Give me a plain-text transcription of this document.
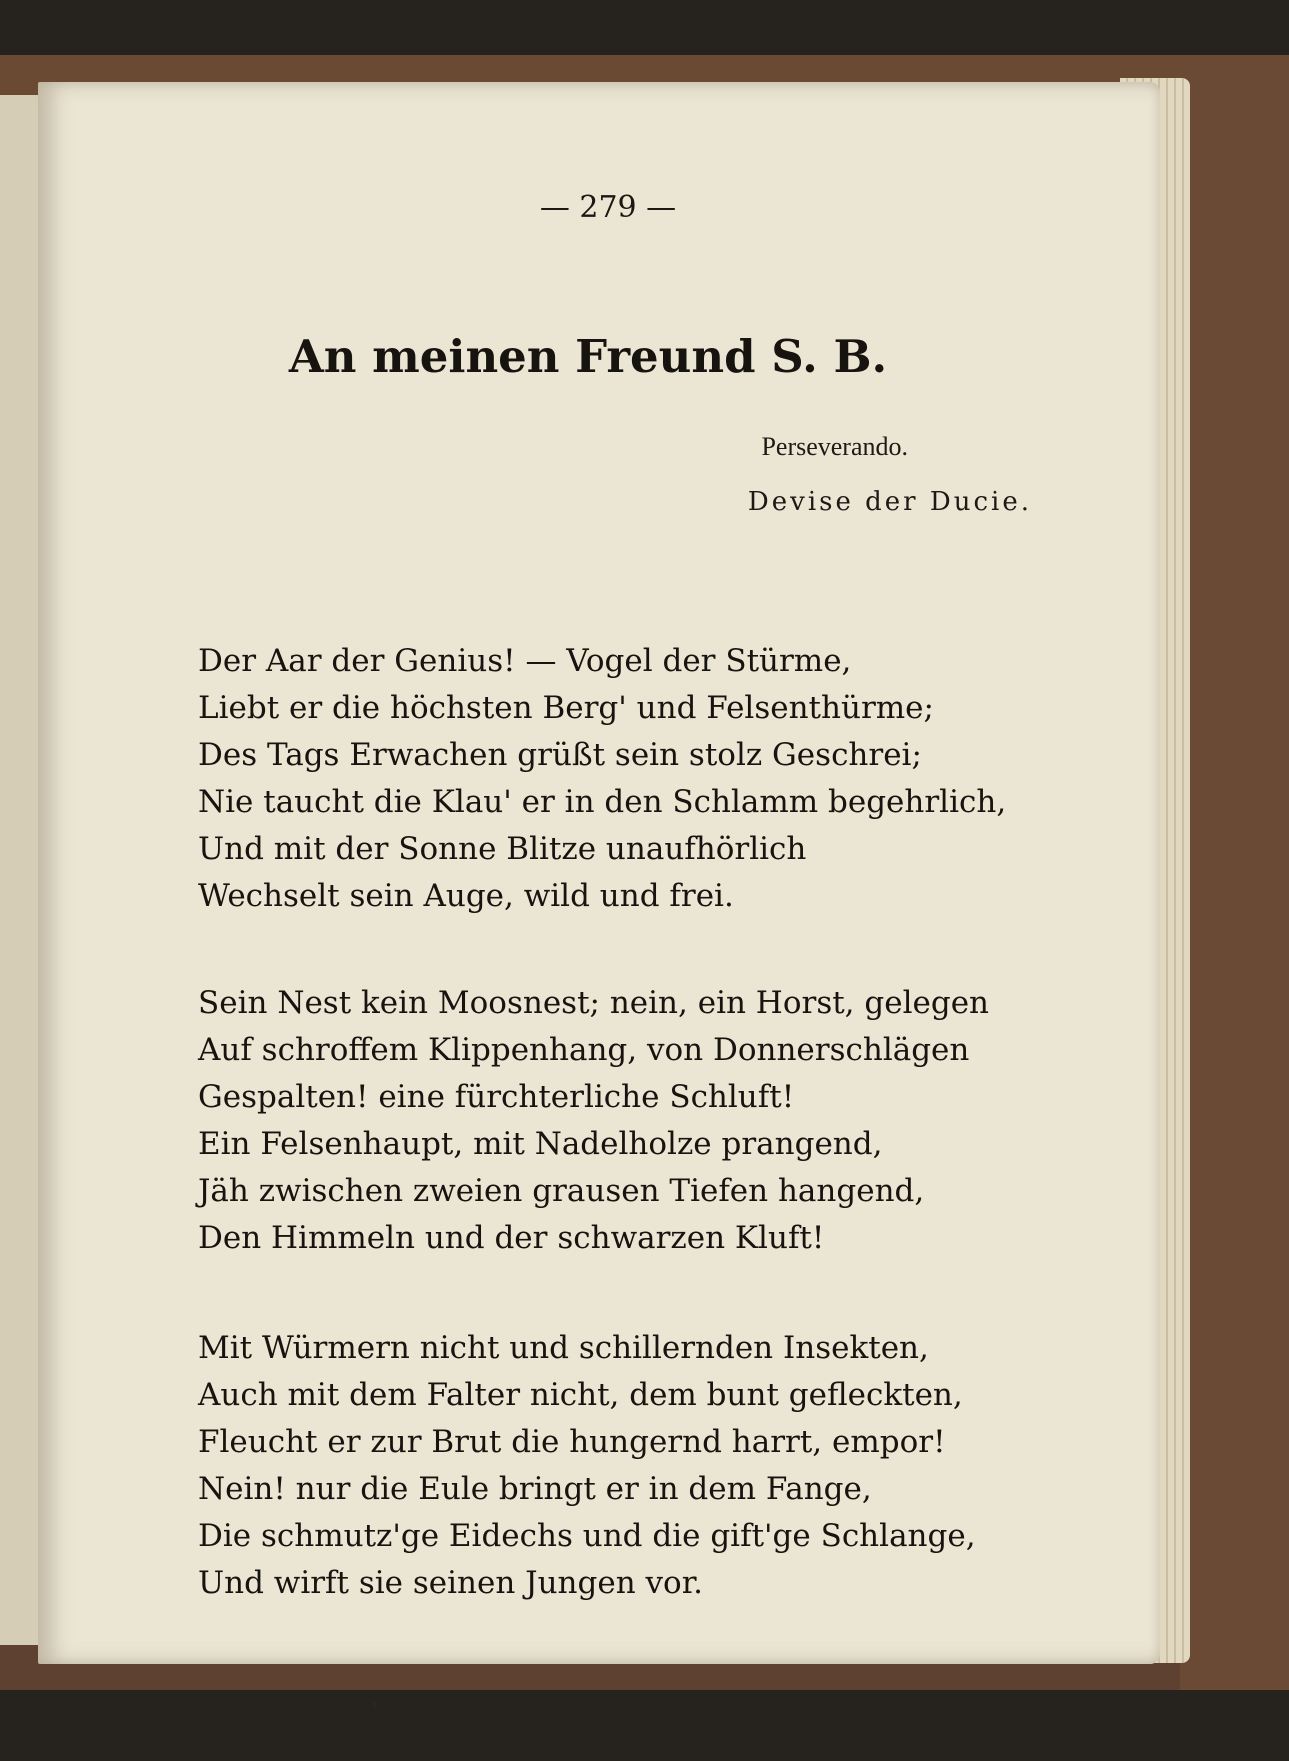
— 279 —
An meinen Freund S. B.
Perseverando.
Devise der Ducie.
Der Aar der Genius! — Vogel der Stürme,
Liebt er die höchsten Berg' und Felsenthürme;
Des Tags Erwachen grüßt sein stolz Geschrei;
Nie taucht die Klau' er in den Schlamm begehrlich,
Und mit der Sonne Blitze unaufhörlich
Wechselt sein Auge, wild und frei.
Sein Nest kein Moosnest; nein, ein Horst, gelegen
Auf schroffem Klippenhang, von Donnerschlägen
Gespalten! eine fürchterliche Schluft!
Ein Felsenhaupt, mit Nadelholze prangend,
Jäh zwischen zweien grausen Tiefen hangend,
Den Himmeln und der schwarzen Kluft!
Mit Würmern nicht und schillernden Insekten,
Auch mit dem Falter nicht, dem bunt gefleckten,
Fleucht er zur Brut die hungernd harrt, empor!
Nein! nur die Eule bringt er in dem Fange,
Die schmutz'ge Eidechs und die gift'ge Schlange,
Und wirft sie seinen Jungen vor.
